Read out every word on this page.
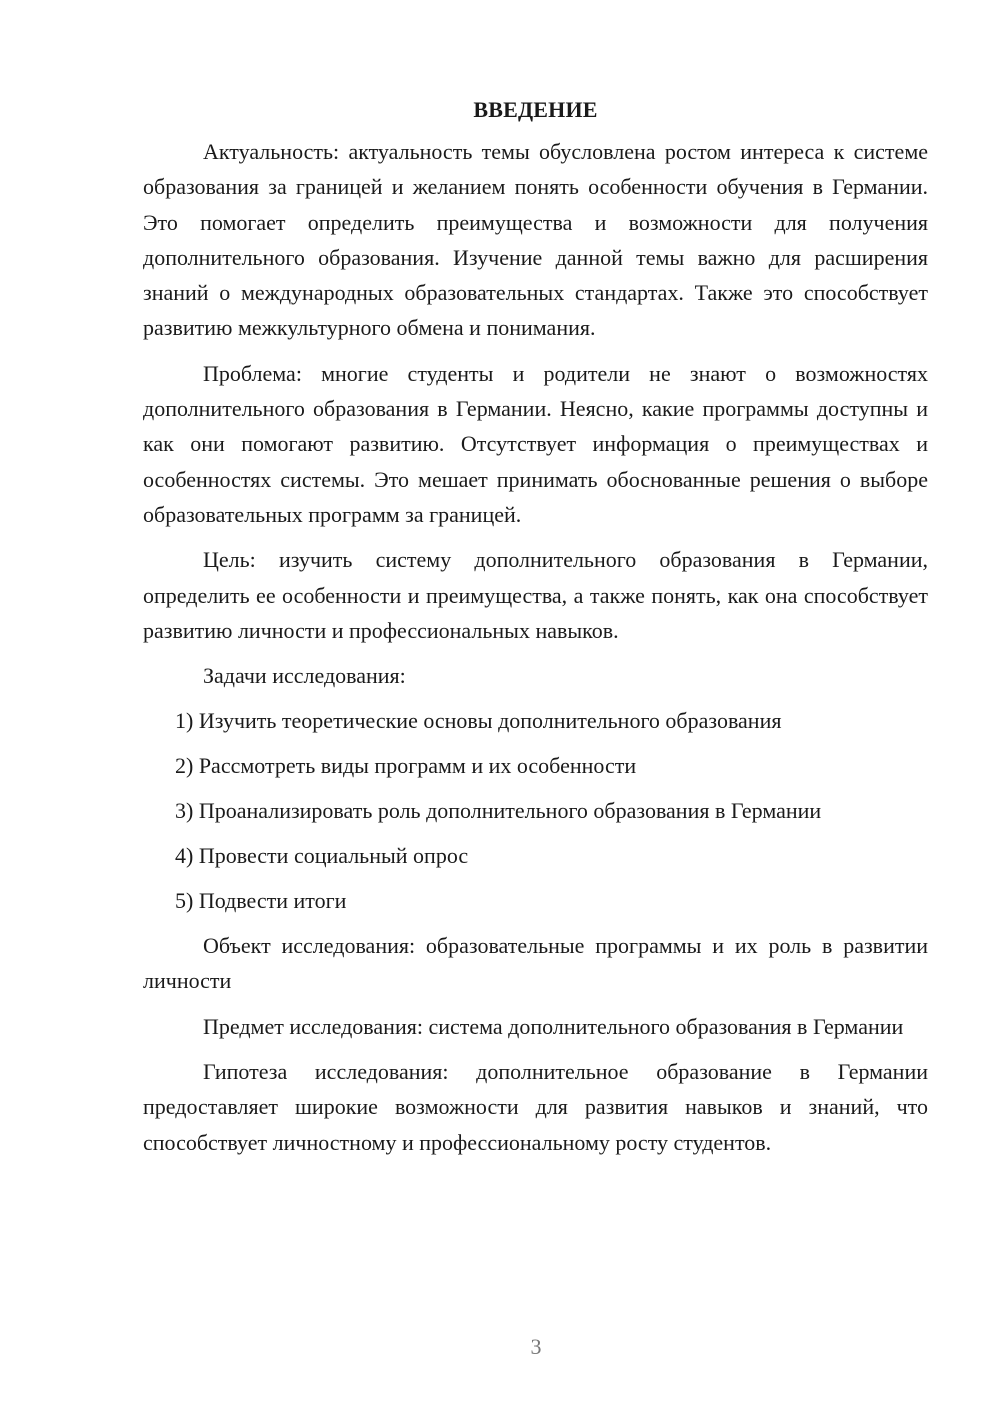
ВВЕДЕНИЕ

Актуальность: актуальность темы обусловлена ростом интереса к системе образования за границей и желанием понять особенности обучения в Германии. Это помогает определить преимущества и возможности для получения дополнительного образования. Изучение данной темы важно для расширения знаний о международных образовательных стандартах. Также это способствует развитию межкультурного обмена и понимания.

Проблема: многие студенты и родители не знают о возможностях дополнительного образования в Германии. Неясно, какие программы доступны и как они помогают развитию. Отсутствует информация о преимуществах и особенностях системы. Это мешает принимать обоснованные решения о выборе образовательных программ за границей.

Цель: изучить систему дополнительного образования в Германии, определить ее особенности и преимущества, а также понять, как она способствует развитию личности и профессиональных навыков.

Задачи исследования:

1) Изучить теоретические основы дополнительного образования
2) Рассмотреть виды программ и их особенности
3) Проанализировать роль дополнительного образования в Германии
4) Провести социальный опрос
5) Подвести итоги

Объект исследования: образовательные программы и их роль в развитии личности

Предмет исследования: система дополнительного образования в Германии

Гипотеза исследования: дополнительное образование в Германии предоставляет широкие возможности для развития навыков и знаний, что способствует личностному и профессиональному росту студентов.

3
